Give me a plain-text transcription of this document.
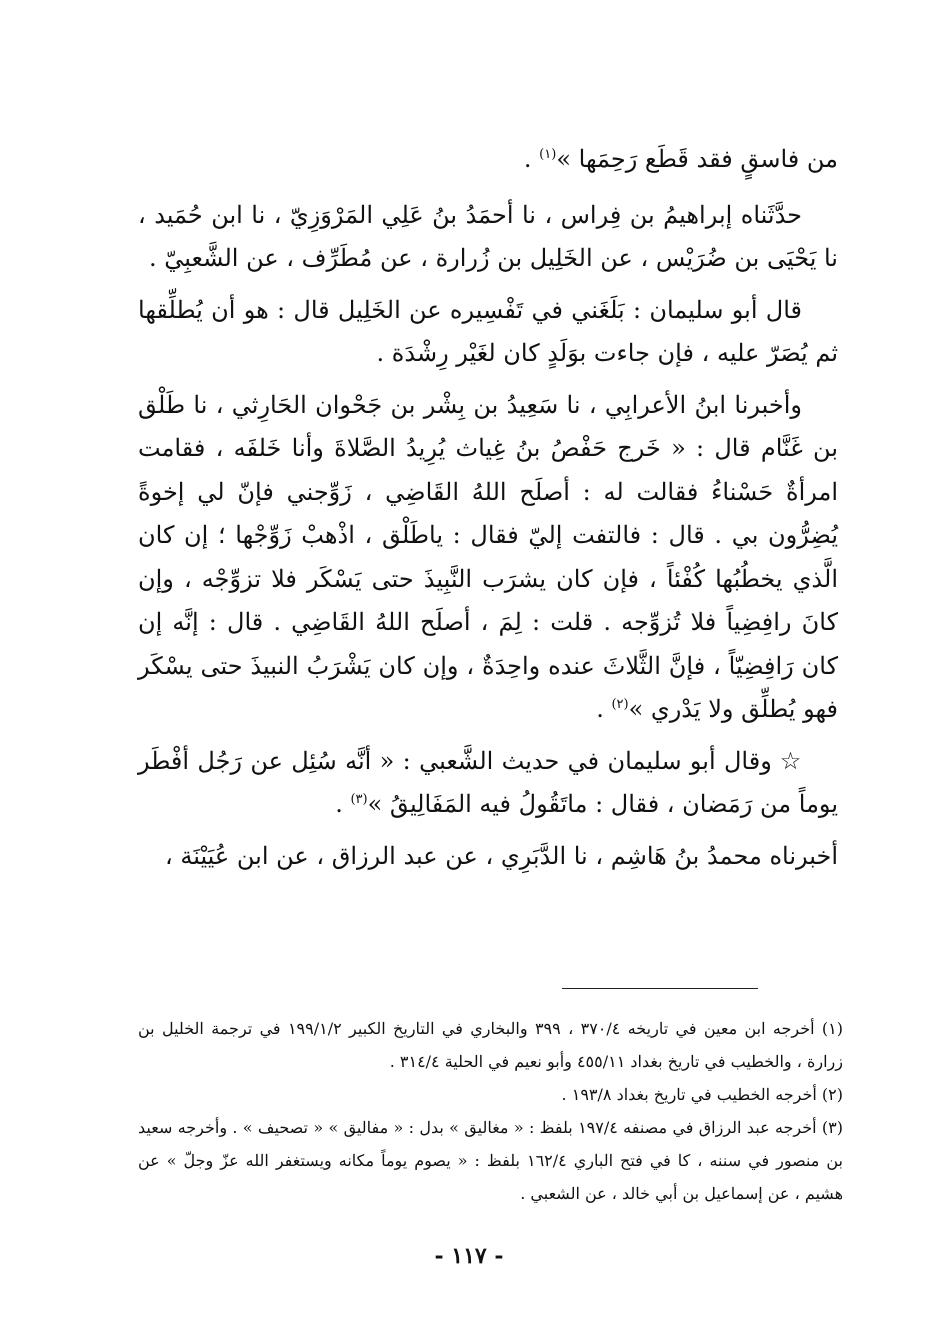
من فاسقٍ فقد قَطَع رَحِمَها »$^{(١)}$ .

حدَّثَناه إبراهيمُ بن فِراس ، نا أحمَدُ بنُ عَلِي المَرْوَزِيّ ، نا ابن حُمَيد ، نا يَحْيَى بن ضُرَيْس ، عن الخَلِيل بن زُرارة ، عن مُطَرِّف ، عن الشَّعبِيّ .

قال أبو سليمان : بَلَغَني في تَفْسِيره عن الخَلِيل قال : هو أن يُطلِّقها ثم يُصَرّ عليه ، فإن جاءت بوَلَدٍ كان لغَيْر رِشْدَة .

وأخبرنا ابنُ الأعرابِي ، نا سَعِيدُ بن بِشْر بن جَحْوان الحَارِثي ، نا طَلْق بن غَنَّام قال : « خَرج حَفْصُ بنُ غِياث يُرِيدُ الصَّلاةَ وأنا خَلفَه ، فقامت امرأةٌ حَسْناءُ فقالت له : أصلَح اللهُ القَاضِي ، زَوِّجني فإنّ لي إخوةً يُضِرُّون بي . قال : فالتفت إليّ فقال : ياطَلْق ، اذْهبْ زَوِّجْها ؛ إن كان الَّذي يخطُبُها كُفْئاً ، فإن كان يشرَب النَّبِيذَ حتى يَسْكَر فلا تزوِّجْه ، وإن كانَ رافِضِياً فلا تُزوِّجه . قلت : لِمَ ، أصلَح اللهُ القَاضِي . قال : إنَّه إن كان رَافِضِيّاً ، فإنَّ الثَّلاثَ عنده واحِدَةٌ ، وإن كان يَشْرَبُ النبيذَ حتى يسْكَر فهو يُطلِّق ولا يَدْري »$^{(٢)}$ .

☆وقال أبو سليمان في حديث الشَّعبي : « أنَّه سُئِل عن رَجُل أفْطَر يوماً من رَمَضان ، فقال : ماتَقُولُ فيه المَفَالِيقُ »$^{(٣)}$ .

أخبرناه محمدُ بنُ هَاشِم ، نا الدَّبَرِي ، عن عبد الرزاق ، عن ابن عُيَيْنَة ،

(١) أخرجه ابن معين في تاريخه ٣٧٠/٤ ، ٣٩٩ والبخاري في التاريخ الكبير ١٩٩/١/٢ في ترجمة الخليل بن زرارة ، والخطيب في تاريخ بغداد ٤٥٥/١١ وأبو نعيم في الحلية ٣١٤/٤ .

(٢) أخرجه الخطيب في تاريخ بغداد ١٩٣/٨ .

(٣) أخرجه عبد الرزاق في مصنفه ١٩٧/٤ بلفظ : « مغاليق » بدل : « مفاليق » « تصحيف » . وأخرجه سعيد بن منصور في سننه ، كا في فتح الباري ١٦٢/٤ بلفظ : « يصوم يوماً مكانه ويستغفر الله عزّ وجلّ » عن هشيم ، عن إسماعيل بن أبي خالد ، عن الشعبي .

- ١١٧ -
